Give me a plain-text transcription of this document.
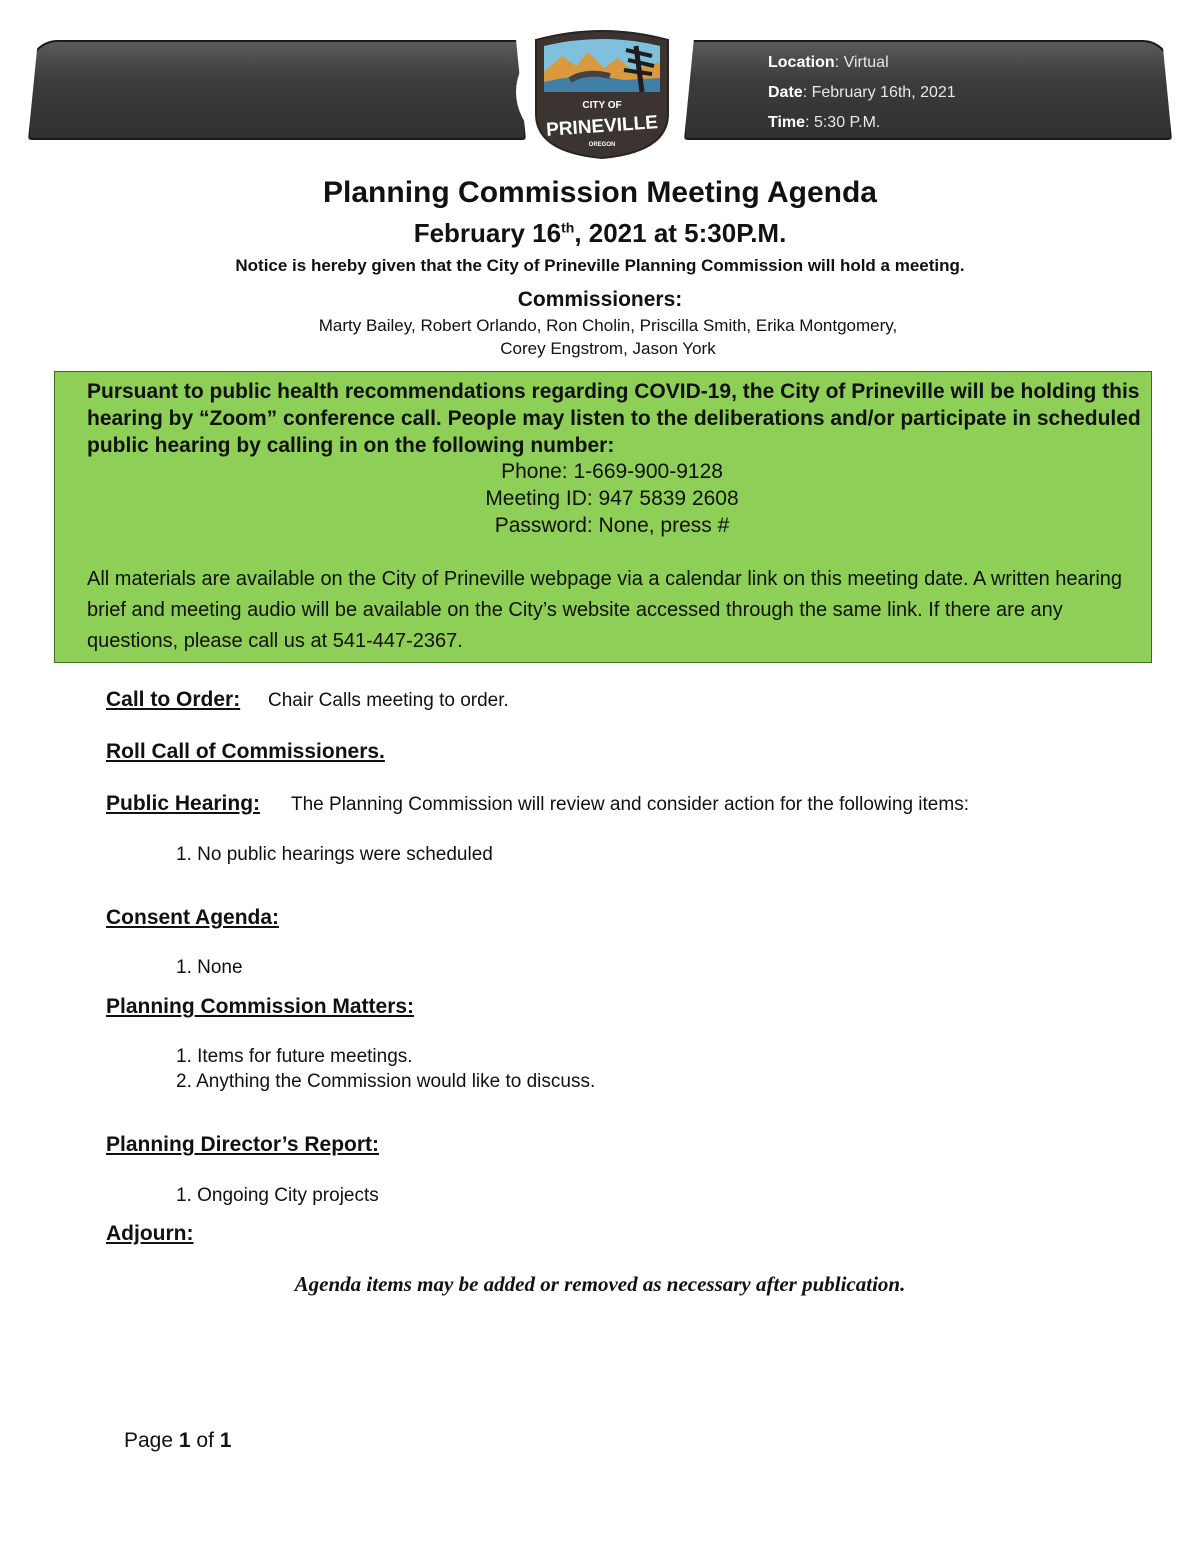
Location: Virtual
Date: February 16th, 2021
Time: 5:30 P.M.
CITY OF
PRINEVILLE
OREGON
Planning Commission Meeting Agenda
February 16th, 2021 at 5:30P.M.
Notice is hereby given that the City of Prineville Planning Commission will hold a meeting.
Commissioners:
Marty Bailey, Robert Orlando, Ron Cholin, Priscilla Smith, Erika Montgomery,
Corey Engstrom, Jason York
Pursuant to public health recommendations regarding COVID-19, the City of Prineville will be holding this hearing by “Zoom” conference call. People may listen to the deliberations and/or participate in scheduled public hearing by calling in on the following number:
Phone: 1-669-900-9128
Meeting ID: 947 5839 2608
Password: None, press #
All materials are available on the City of Prineville webpage via a calendar link on this meeting date. A written hearing brief and meeting audio will be available on the City’s website accessed through the same link. If there are any questions, please call us at 541-447-2367.
Call to Order: Chair Calls meeting to order.
Roll Call of Commissioners.
Public Hearing: The Planning Commission will review and consider action for the following items:
1. No public hearings were scheduled
Consent Agenda:
1. None
Planning Commission Matters:
1. Items for future meetings.
2. Anything the Commission would like to discuss.
Planning Director’s Report:
1. Ongoing City projects
Adjourn:
Agenda items may be added or removed as necessary after publication.
Page 1 of 1
